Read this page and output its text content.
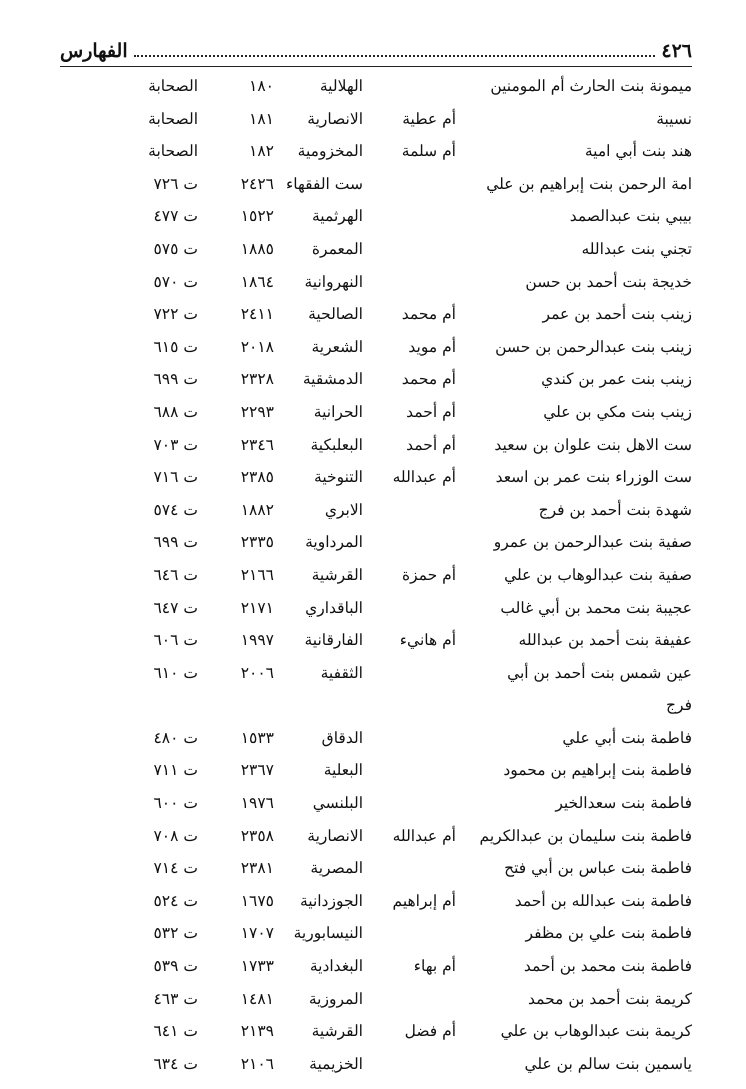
٤٢٦
الفهارس
ميمونة بنت الحارث أم المومنين
الهلالية
١٨٠
الصحابة
نسيبة
أم عطية
الانصارية
١٨١
الصحابة
هند بنت أبي امية
أم سلمة
المخزومية
١٨٢
الصحابة
امة الرحمن بنت إبراهيم بن علي
ست الفقهاء
٢٤٢٦
ت ٧٢٦
بيبي بنت عبدالصمد
الهرثمية
١٥٢٢
ت ٤٧٧
تجني بنت عبدالله
المعمرة
١٨٨٥
ت ٥٧٥
خديجة بنت أحمد بن حسن
النهروانية
١٨٦٤
ت ٥٧٠
زينب بنت أحمد بن عمر
أم محمد
الصالحية
٢٤١١
ت ٧٢٢
زينب بنت عبدالرحمن بن حسن
أم مويد
الشعرية
٢٠١٨
ت ٦١٥
زينب بنت عمر بن كندي
أم محمد
الدمشقية
٢٣٢٨
ت ٦٩٩
زينب بنت مكي بن علي
أم أحمد
الحرانية
٢٢٩٣
ت ٦٨٨
ست الاهل بنت علوان بن سعيد
أم أحمد
البعلبكية
٢٣٤٦
ت ٧٠٣
ست الوزراء بنت عمر بن اسعد
أم عبدالله
التنوخية
٢٣٨٥
ت ٧١٦
شهدة بنت أحمد بن فرج
الابري
١٨٨٢
ت ٥٧٤
صفية بنت عبدالرحمن بن عمرو
المرداوية
٢٣٣٥
ت ٦٩٩
صفية بنت عبدالوهاب بن علي
أم حمزة
القرشية
٢١٦٦
ت ٦٤٦
عجيبة بنت محمد بن أبي غالب
الباقداري
٢١٧١
ت ٦٤٧
عفيفة بنت أحمد بن عبدالله
أم هانيء
الفارقانية
١٩٩٧
ت ٦٠٦
عين شمس بنت أحمد بن أبي
الثقفية
٢٠٠٦
ت ٦١٠
فرج
فاطمة بنت أبي علي
الدقاق
١٥٣٣
ت ٤٨٠
فاطمة بنت إبراهيم بن محمود
البعلية
٢٣٦٧
ت ٧١١
فاطمة بنت سعدالخير
البلنسي
١٩٧٦
ت ٦٠٠
فاطمة بنت سليمان بن عبدالكريم
أم عبدالله
الانصارية
٢٣٥٨
ت ٧٠٨
فاطمة بنت عباس بن أبي فتح
المصرية
٢٣٨١
ت ٧١٤
فاطمة بنت عبدالله بن أحمد
أم إبراهيم
الجوزدانية
١٦٧٥
ت ٥٢٤
فاطمة بنت علي بن مظفر
النيسابورية
١٧٠٧
ت ٥٣٢
فاطمة بنت محمد بن أحمد
أم بهاء
البغدادية
١٧٣٣
ت ٥٣٩
كريمة بنت أحمد بن محمد
المروزية
١٤٨١
ت ٤٦٣
كريمة بنت عبدالوهاب بن علي
أم فضل
القرشية
٢١٣٩
ت ٦٤١
ياسمين بنت سالم بن علي
الخزيمية
٢١٠٦
ت ٦٣٤
